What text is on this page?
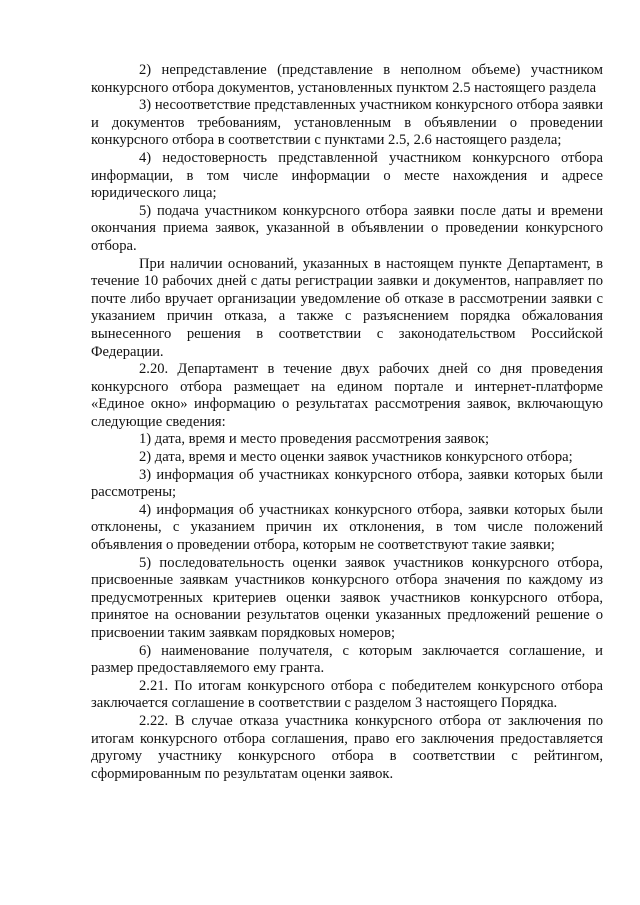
2) непредставление (представление в неполном объеме) участником конкурсного отбора документов, установленных пунктом 2.5 настоящего раздела

3) несоответствие представленных участником конкурсного отбора заявки и документов требованиям, установленным в объявлении о проведении конкурсного отбора в соответствии с пунктами 2.5, 2.6 настоящего раздела;

4) недостоверность представленной участником конкурсного отбора информации, в том числе информации о месте нахождения и адресе юридического лица;

5) подача участником конкурсного отбора заявки после даты и времени окончания приема заявок, указанной в объявлении о проведении конкурсного отбора.

При наличии оснований, указанных в настоящем пункте Департамент, в течение 10 рабочих дней с даты регистрации заявки и документов, направляет по почте либо вручает организации уведомление об отказе в рассмотрении заявки с указанием причин отказа, а также с разъяснением порядка обжалования вынесенного решения в соответствии с законодательством Российской Федерации.

2.20. Департамент в течение двух рабочих дней со дня проведения конкурсного отбора размещает на едином портале и интернет-платформе «Единое окно» информацию о результатах рассмотрения заявок, включающую следующие сведения:

1) дата, время и место проведения рассмотрения заявок;

2) дата, время и место оценки заявок участников конкурсного отбора;

3) информация об участниках конкурсного отбора, заявки которых были рассмотрены;

4) информация об участниках конкурсного отбора, заявки которых были отклонены, с указанием причин их отклонения, в том числе положений объявления о проведении отбора, которым не соответствуют такие заявки;

5) последовательность оценки заявок участников конкурсного отбора, присвоенные заявкам участников конкурсного отбора значения по каждому из предусмотренных критериев оценки заявок участников конкурсного отбора, принятое на основании результатов оценки указанных предложений решение о присвоении таким заявкам порядковых номеров;

6) наименование получателя, с которым заключается соглашение, и размер предоставляемого ему гранта.

2.21. По итогам конкурсного отбора с победителем конкурсного отбора заключается соглашение в соответствии с разделом 3 настоящего Порядка.

2.22. В случае отказа участника конкурсного отбора от заключения по итогам конкурсного отбора соглашения, право его заключения предоставляется другому участнику конкурсного отбора в соответствии с рейтингом, сформированным по результатам оценки заявок.
